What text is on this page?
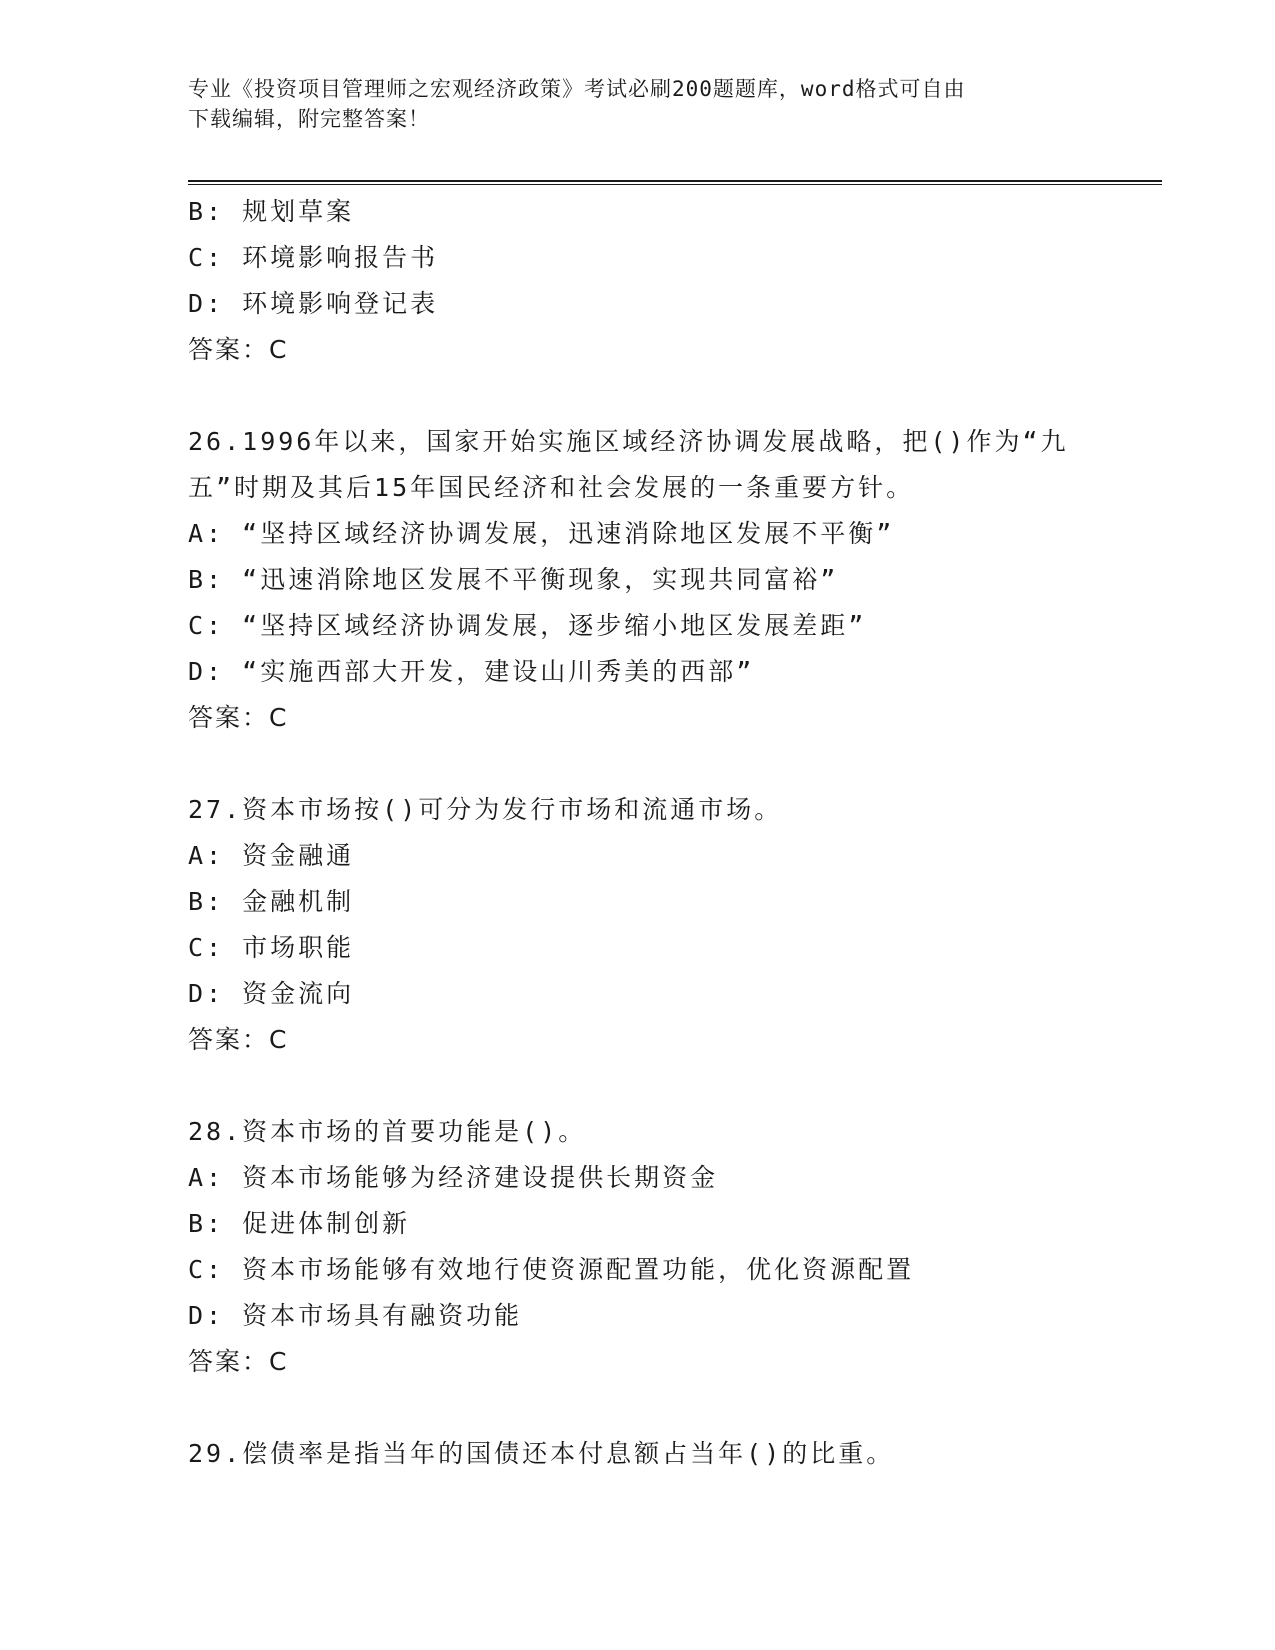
专业《投资项目管理师之宏观经济政策》考试必刷200题题库，word格式可自由
下载编辑，附完整答案！
B: 规划草案
C: 环境影响报告书
D: 环境影响登记表
答案：C
26.1996年以来，国家开始实施区域经济协调发展战略，把()作为“九
五”时期及其后15年国民经济和社会发展的一条重要方针。
A: “坚持区域经济协调发展，迅速消除地区发展不平衡”
B: “迅速消除地区发展不平衡现象，实现共同富裕”
C: “坚持区域经济协调发展，逐步缩小地区发展差距”
D: “实施西部大开发，建设山川秀美的西部”
答案：C
27.资本市场按()可分为发行市场和流通市场。
A: 资金融通
B: 金融机制
C: 市场职能
D: 资金流向
答案：C
28.资本市场的首要功能是()。
A: 资本市场能够为经济建设提供长期资金
B: 促进体制创新
C: 资本市场能够有效地行使资源配置功能，优化资源配置
D: 资本市场具有融资功能
答案：C
29.偿债率是指当年的国债还本付息额占当年()的比重。
